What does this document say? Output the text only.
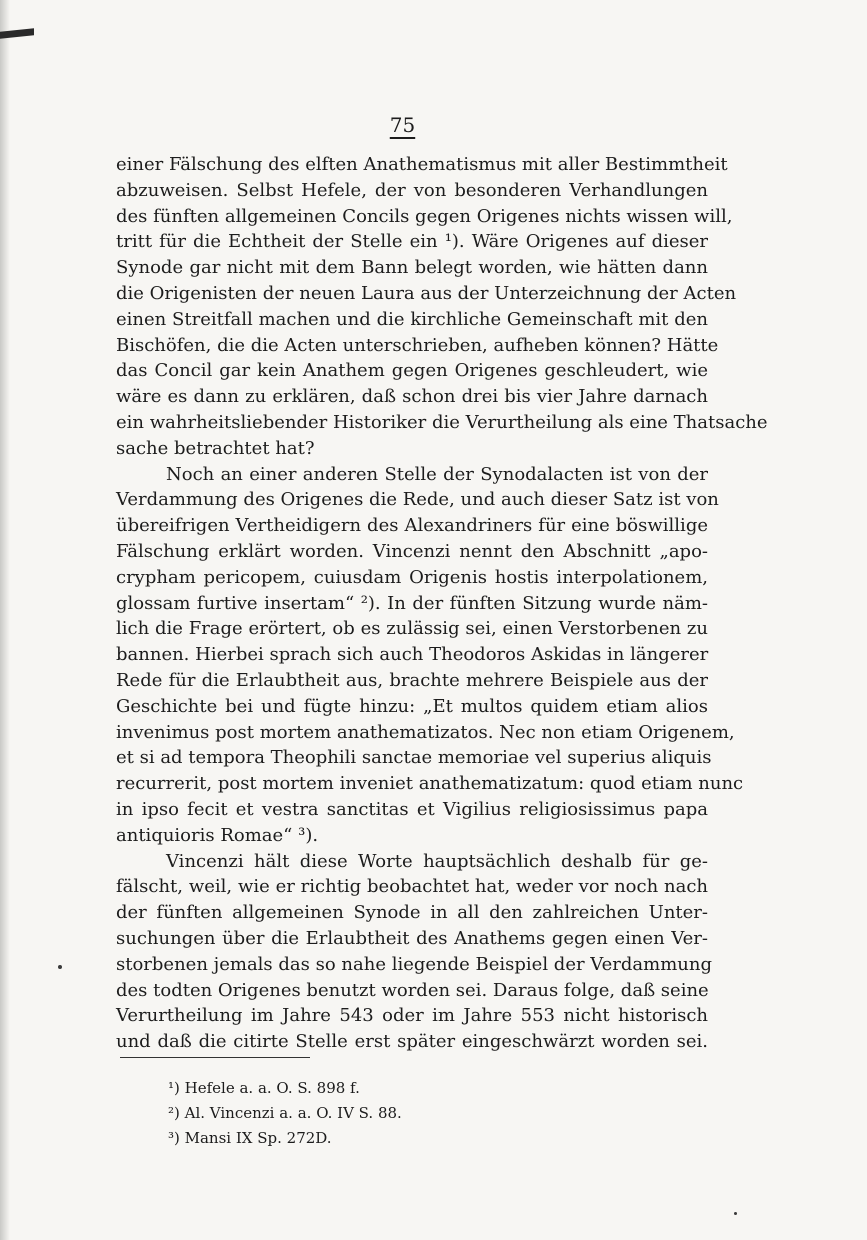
75
einer Fälschung des elften Anathematismus mit aller Bestimmtheit
abzuweisen. Selbst Hefele, der von besonderen Verhandlungen
des fünften allgemeinen Concils gegen Origenes nichts wissen will,
tritt für die Echtheit der Stelle ein ¹). Wäre Origenes auf dieser
Synode gar nicht mit dem Bann belegt worden, wie hätten dann
die Origenisten der neuen Laura aus der Unterzeichnung der Acten
einen Streitfall machen und die kirchliche Gemeinschaft mit den
Bischöfen, die die Acten unterschrieben, aufheben können? Hätte
das Concil gar kein Anathem gegen Origenes geschleudert, wie
wäre es dann zu erklären, daß schon drei bis vier Jahre darnach
ein wahrheitsliebender Historiker die Verurtheilung als eine Thatsache
sache betrachtet hat?
Noch an einer anderen Stelle der Synodalacten ist von der
Verdammung des Origenes die Rede, und auch dieser Satz ist von
übereifrigen Vertheidigern des Alexandriners für eine böswillige
Fälschung erklärt worden. Vincenzi nennt den Abschnitt „apo-
crypham pericopem, cuiusdam Origenis hostis interpolationem,
glossam furtive insertam“ ²). In der fünften Sitzung wurde näm-
lich die Frage erörtert, ob es zulässig sei, einen Verstorbenen zu
bannen. Hierbei sprach sich auch Theodoros Askidas in längerer
Rede für die Erlaubtheit aus, brachte mehrere Beispiele aus der
Geschichte bei und fügte hinzu: „Et multos quidem etiam alios
invenimus post mortem anathematizatos. Nec non etiam Origenem,
et si ad tempora Theophili sanctae memoriae vel superius aliquis
recurrerit, post mortem inveniet anathematizatum: quod etiam nunc
in ipso fecit et vestra sanctitas et Vigilius religiosissimus papa
antiquioris Romae“ ³).
Vincenzi hält diese Worte hauptsächlich deshalb für ge-
fälscht, weil, wie er richtig beobachtet hat, weder vor noch nach
der fünften allgemeinen Synode in all den zahlreichen Unter-
suchungen über die Erlaubtheit des Anathems gegen einen Ver-
storbenen jemals das so nahe liegende Beispiel der Verdammung
des todten Origenes benutzt worden sei. Daraus folge, daß seine
Verurtheilung im Jahre 543 oder im Jahre 553 nicht historisch
und daß die citirte Stelle erst später eingeschwärzt worden sei.
¹) Hefele a. a. O. S. 898 f.
²) Al. Vincenzi a. a. O. IV S. 88.
³) Mansi IX Sp. 272D.
